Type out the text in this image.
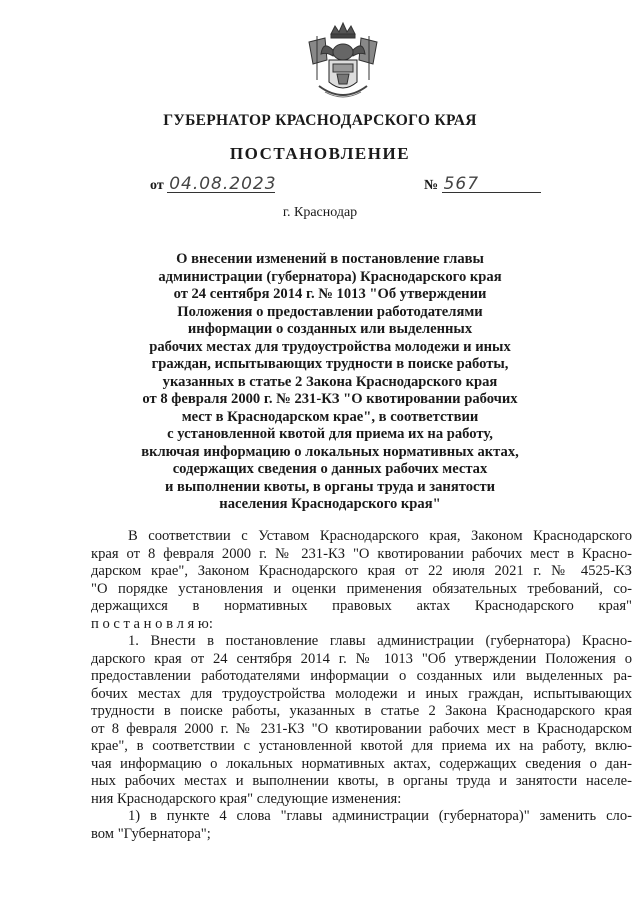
ГУБЕРНАТОР КРАСНОДАРСКОГО КРАЯ
ПОСТАНОВЛЕНИЕ
от 04.08.2023	№ 567
г. Краснодар
О внесении изменений в постановление главы
администрации (губернатора) Краснодарского края
от 24 сентября 2014 г. № 1013 "Об утверждении
Положения о предоставлении работодателями
информации о созданных или выделенных
рабочих местах для трудоустройства молодежи и иных
граждан, испытывающих трудности в поиске работы,
указанных в статье 2 Закона Краснодарского края
от 8 февраля 2000 г. № 231-КЗ "О квотировании рабочих
мест в Краснодарском крае", в соответствии
с установленной квотой для приема их на работу,
включая информацию о локальных нормативных актах,
содержащих сведения о данных рабочих местах
и выполнении квоты, в органы труда и занятости
населения Краснодарского края"
В соответствии с Уставом Краснодарского края, Законом Краснодарского
края от 8 февраля 2000 г. № 231-КЗ "О квотировании рабочих мест в Красно-
дарском крае", Законом Краснодарского края от 22 июля 2021 г. № 4525-КЗ
"О порядке установления и оценки применения обязательных требований, со-
держащихся в нормативных правовых актах Краснодарского края"
п о с т а н о в л я ю:
1. Внести в постановление главы администрации (губернатора) Красно-
дарского края от 24 сентября 2014 г. № 1013 "Об утверждении Положения о
предоставлении работодателями информации о созданных или выделенных ра-
бочих местах для трудоустройства молодежи и иных граждан, испытывающих
трудности в поиске работы, указанных в статье 2 Закона Краснодарского края
от 8 февраля 2000 г. № 231-КЗ "О квотировании рабочих мест в Краснодарском
крае", в соответствии с установленной квотой для приема их на работу, вклю-
чая информацию о локальных нормативных актах, содержащих сведения о дан-
ных рабочих местах и выполнении квоты, в органы труда и занятости населе-
ния Краснодарского края" следующие изменения:
1) в пункте 4 слова "главы администрации (губернатора)" заменить сло-
вом "Губернатора";
